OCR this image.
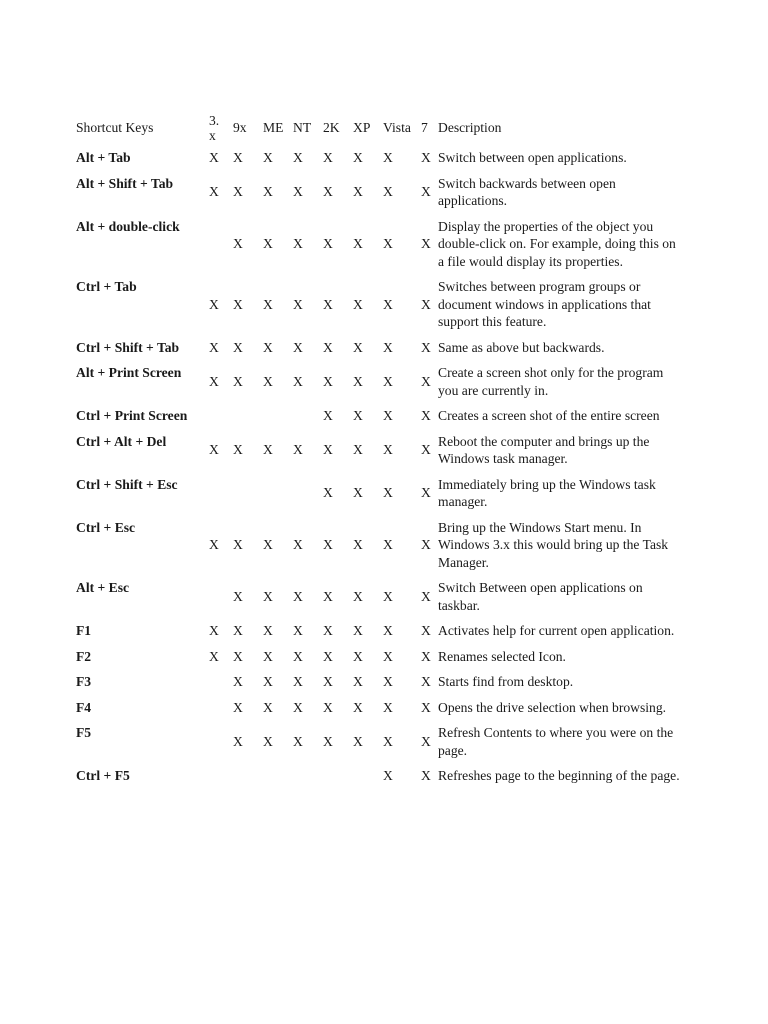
Shortcut Keys	3.
x	9x	ME	NT	2K	XP	Vista	7	Description
Alt + Tab	X	X	X	X	X	X	X	X	Switch between open applications.
Alt + Shift + Tab	X	X	X	X	X	X	X	X	Switch backwards between open applications.
Alt + double-click		X	X	X	X	X	X	X	Display the properties of the object you double-click on. For example, doing this on a file would display its properties.
Ctrl + Tab	X	X	X	X	X	X	X	X	Switches between program groups or document windows in applications that support this feature.
Ctrl + Shift + Tab	X	X	X	X	X	X	X	X	Same as above but backwards.
Alt + Print Screen	X	X	X	X	X	X	X	X	Create a screen shot only for the program you are currently in.
Ctrl + Print Screen					X	X	X	X	Creates a screen shot of the entire screen
Ctrl + Alt + Del	X	X	X	X	X	X	X	X	Reboot the computer and brings up the Windows task manager.
Ctrl + Shift + Esc					X	X	X	X	Immediately bring up the Windows task manager.
Ctrl + Esc	X	X	X	X	X	X	X	X	Bring up the Windows Start menu. In Windows 3.x this would bring up the Task Manager.
Alt + Esc		X	X	X	X	X	X	X	Switch Between open applications on taskbar.
F1	X	X	X	X	X	X	X	X	Activates help for current open application.
F2	X	X	X	X	X	X	X	X	Renames selected Icon.
F3		X	X	X	X	X	X	X	Starts find from desktop.
F4		X	X	X	X	X	X	X	Opens the drive selection when browsing.
F5		X	X	X	X	X	X	X	Refresh Contents to where you were on the page.
Ctrl + F5							X	X	Refreshes page to the beginning of the page.
